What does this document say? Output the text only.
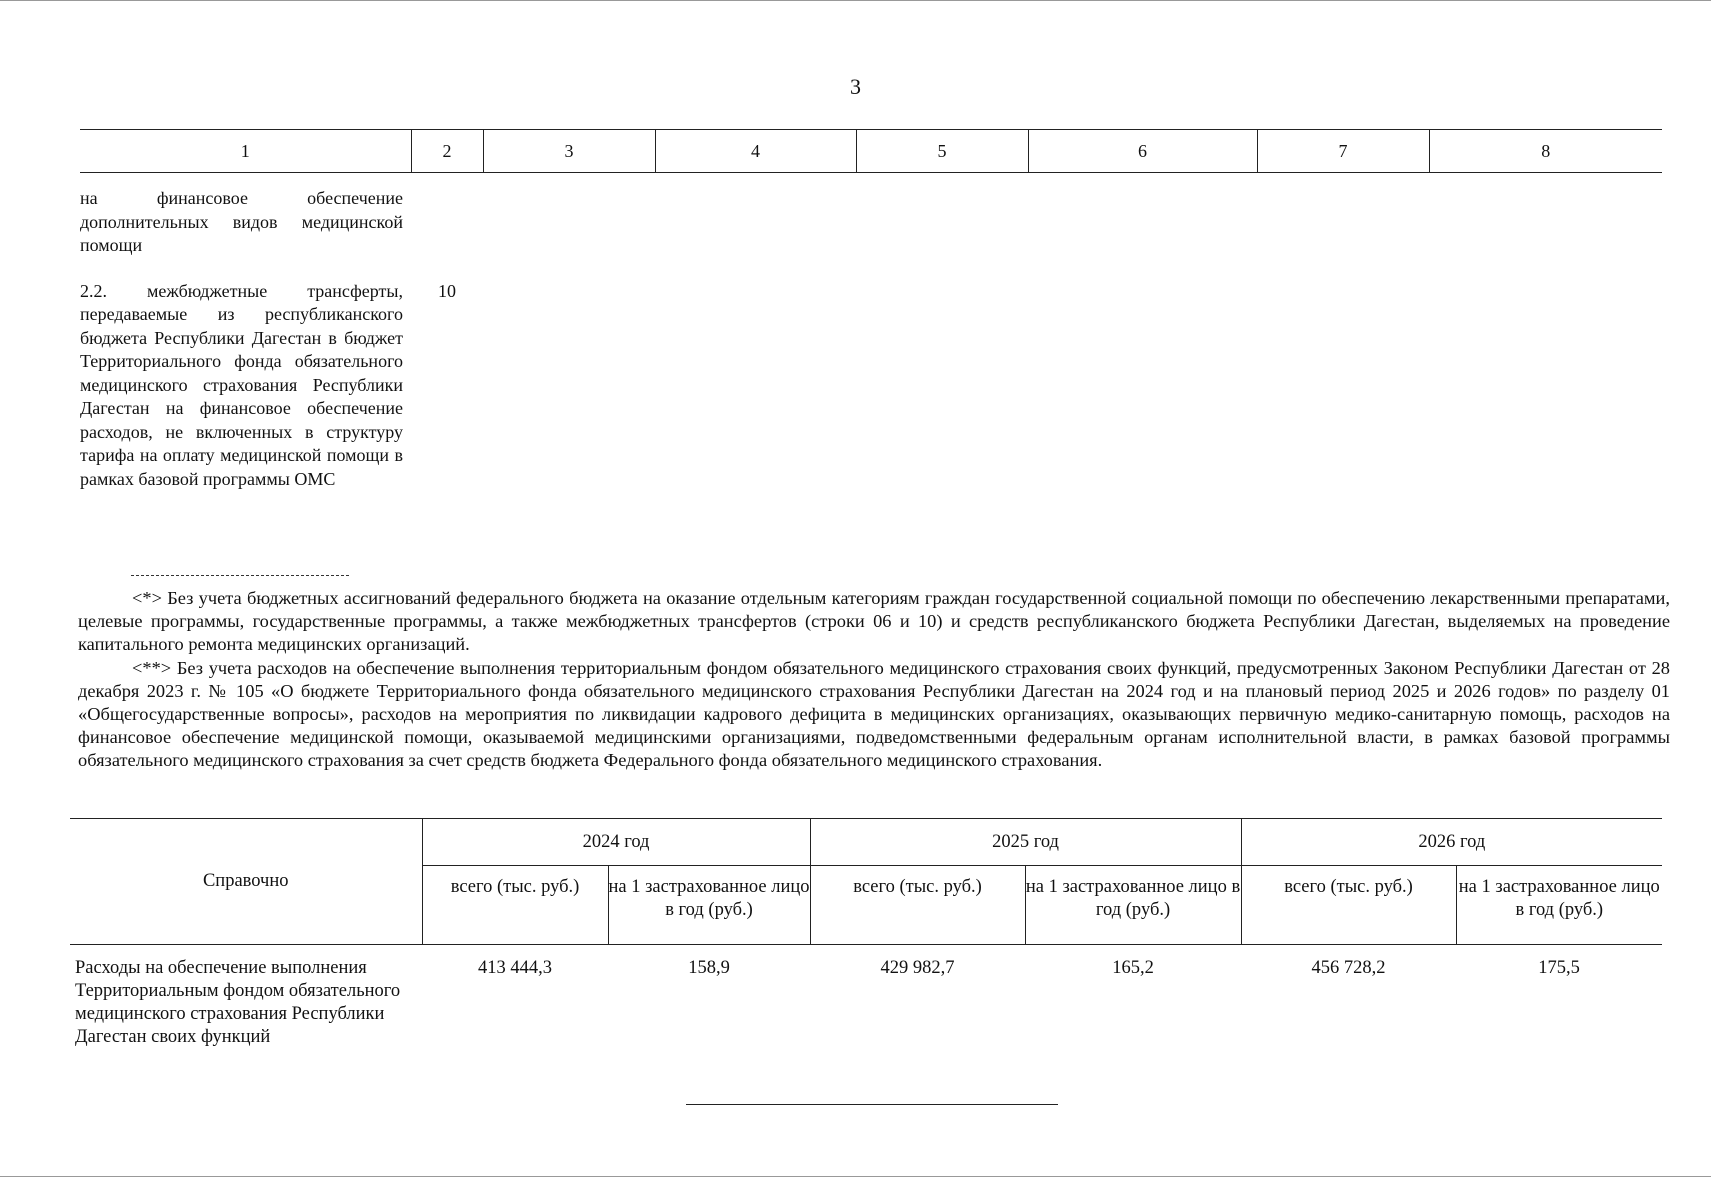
3
1	2	3	4	5	6	7	8
на финансовое обеспечение дополнительных видов медицинской помощи							
2.2. межбюджетные трансферты, передаваемые из республиканского бюджета Республики Дагестан в бюджет Территориального фонда обязательного медицинского страхования Республики Дагестан на финансовое обеспечение расходов, не включенных в структуру тарифа на оплату медицинской помощи в рамках базовой программы ОМС	10						

<*> Без учета бюджетных ассигнований федерального бюджета на оказание отдельным категориям граждан государственной социальной помощи по обеспечению лекарственными препаратами, целевые программы, государственные программы, а также межбюджетных трансфертов (строки 06 и 10) и средств республиканского бюджета Республики Дагестан, выделяемых на проведение капитального ремонта медицинских организаций.

<**> Без учета расходов на обеспечение выполнения территориальным фондом обязательного медицинского страхования своих функций, предусмотренных Законом Республики Дагестан от 28 декабря 2023 г. № 105 «О бюджете Территориального фонда обязательного медицинского страхования Республики Дагестан на 2024 год и на плановый период 2025 и 2026 годов» по разделу 01 «Общегосударственные вопросы», расходов на мероприятия по ликвидации кадрового дефицита в медицинских организациях, оказывающих первичную медико-санитарную помощь, расходов на финансовое обеспечение медицинской помощи, оказываемой медицинскими организациями, подведомственными федеральным органам исполнительной власти, в рамках базовой программы обязательного медицинского страхования за счет средств бюджета Федерального фонда обязательного медицинского страхования.

Справочно	2024 год		2025 год		2026 год	
	всего (тыс. руб.)	на 1 застрахованное лицо в год (руб.)	всего (тыс. руб.)	на 1 застрахованное лицо в год (руб.)	всего (тыс. руб.)	на 1 застрахованное лицо в год (руб.)
Расходы на обеспечение выполнения Территориальным фондом обязательного медицинского страхования Республики Дагестан своих функций	413 444,3	158,9	429 982,7	165,2	456 728,2	175,5
